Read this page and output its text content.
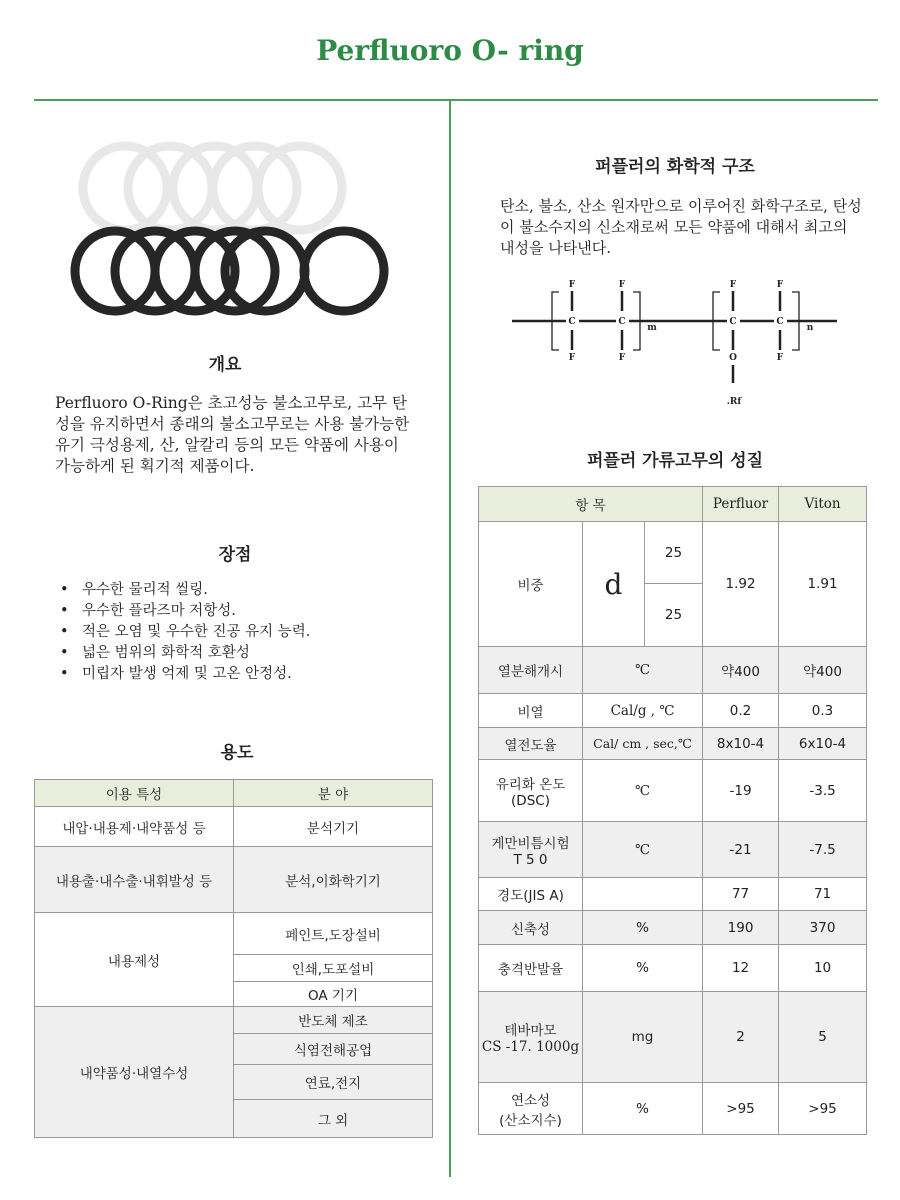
Perfluoro O- ring
개요
Perfluoro O-Ring은 초고성능 불소고무로, 고무 탄성을 유지하면서 종래의 불소고무로는 사용 불가능한 유기 극성용제, 산, 알칼리 등의 모든 약품에 사용이 가능하게 된 획기적 제품이다.
장점
• 우수한 물리적 씰링.
• 우수한 플라즈마 저항성.
• 적은 오염 및 우수한 진공 유지 능력.
• 넓은 범위의 화학적 호환성
• 미립자 발생 억제 및 고온 안정성.
용도
이용 특성	분 야
내압·내용제·내약품성 등	분석기기
내용출·내수출·내휘발성 등	분석,이화학기기
내용제성	페인트,도장설비
	인쇄,도포설비
	OA 기기
내약품성·내열수성	반도체 제조
	식염전해공업
	연료,전지
	그 외
퍼플러의 화학적 구조
탄소, 불소, 산소 원자만으로 이루어진 화학구조로, 탄성이 불소수지의 신소재로써 모든 약품에 대해서 최고의 내성을 나타낸다.
F
C
F
F
C
F
F
C
O
F
C
F
m	n
.Rf
퍼플러 가류고무의 성질
항 목			Perfluor	Viton
비중	d	25	1.92	1.91
		25		
열분해개시	℃		약400	약400
비열	Cal/g , ℃		0.2	0.3
열전도율	Cal/ cm , sec,℃		8x10-4	6x10-4
유리화 온도
(DSC)	℃		-19	-3.5
게만비틈시험
T 5 0	℃		-21	-7.5
경도(JIS A)			77	71
신축성	%		190	370
충격반발율	%		12	10
테바마모
CS -17. 1000g	mg		2	5
연소성
(산소지수)	%		>95	>95
